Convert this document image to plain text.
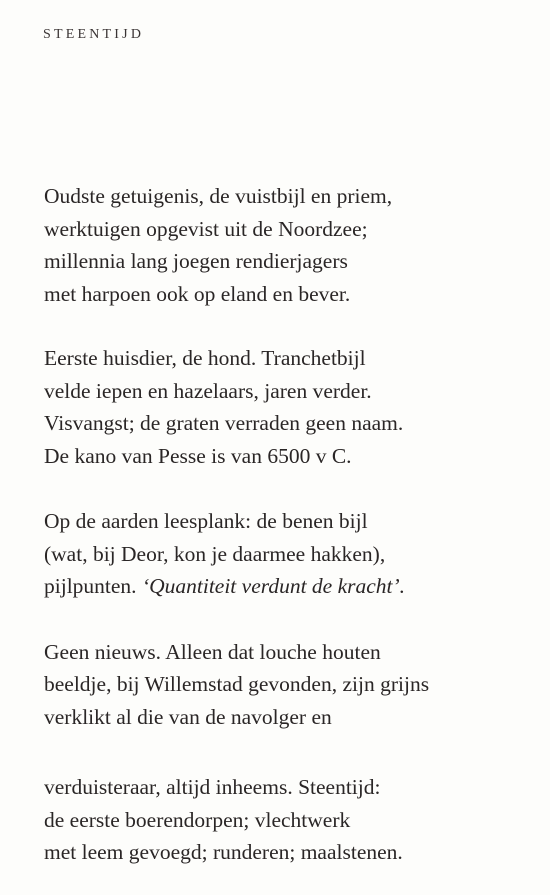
STEENTIJD
Oudste getuigenis, de vuistbijl en priem,
werktuigen opgevist uit de Noordzee;
millennia lang joegen rendierjagers
met harpoen ook op eland en bever.
Eerste huisdier, de hond. Tranchetbijl
velde iepen en hazelaars, jaren verder.
Visvangst; de graten verraden geen naam.
De kano van Pesse is van 6500 v C.
Op de aarden leesplank: de benen bijl
(wat, bij Deor, kon je daarmee hakken),
pijlpunten. ‘Quantiteit verdunt de kracht’.
Geen nieuws. Alleen dat louche houten
beeldje, bij Willemstad gevonden, zijn grijns
verklikt al die van de navolger en
verduisteraar, altijd inheems. Steentijd:
de eerste boerendorpen; vlechtwerk
met leem gevoegd; runderen; maalstenen.
